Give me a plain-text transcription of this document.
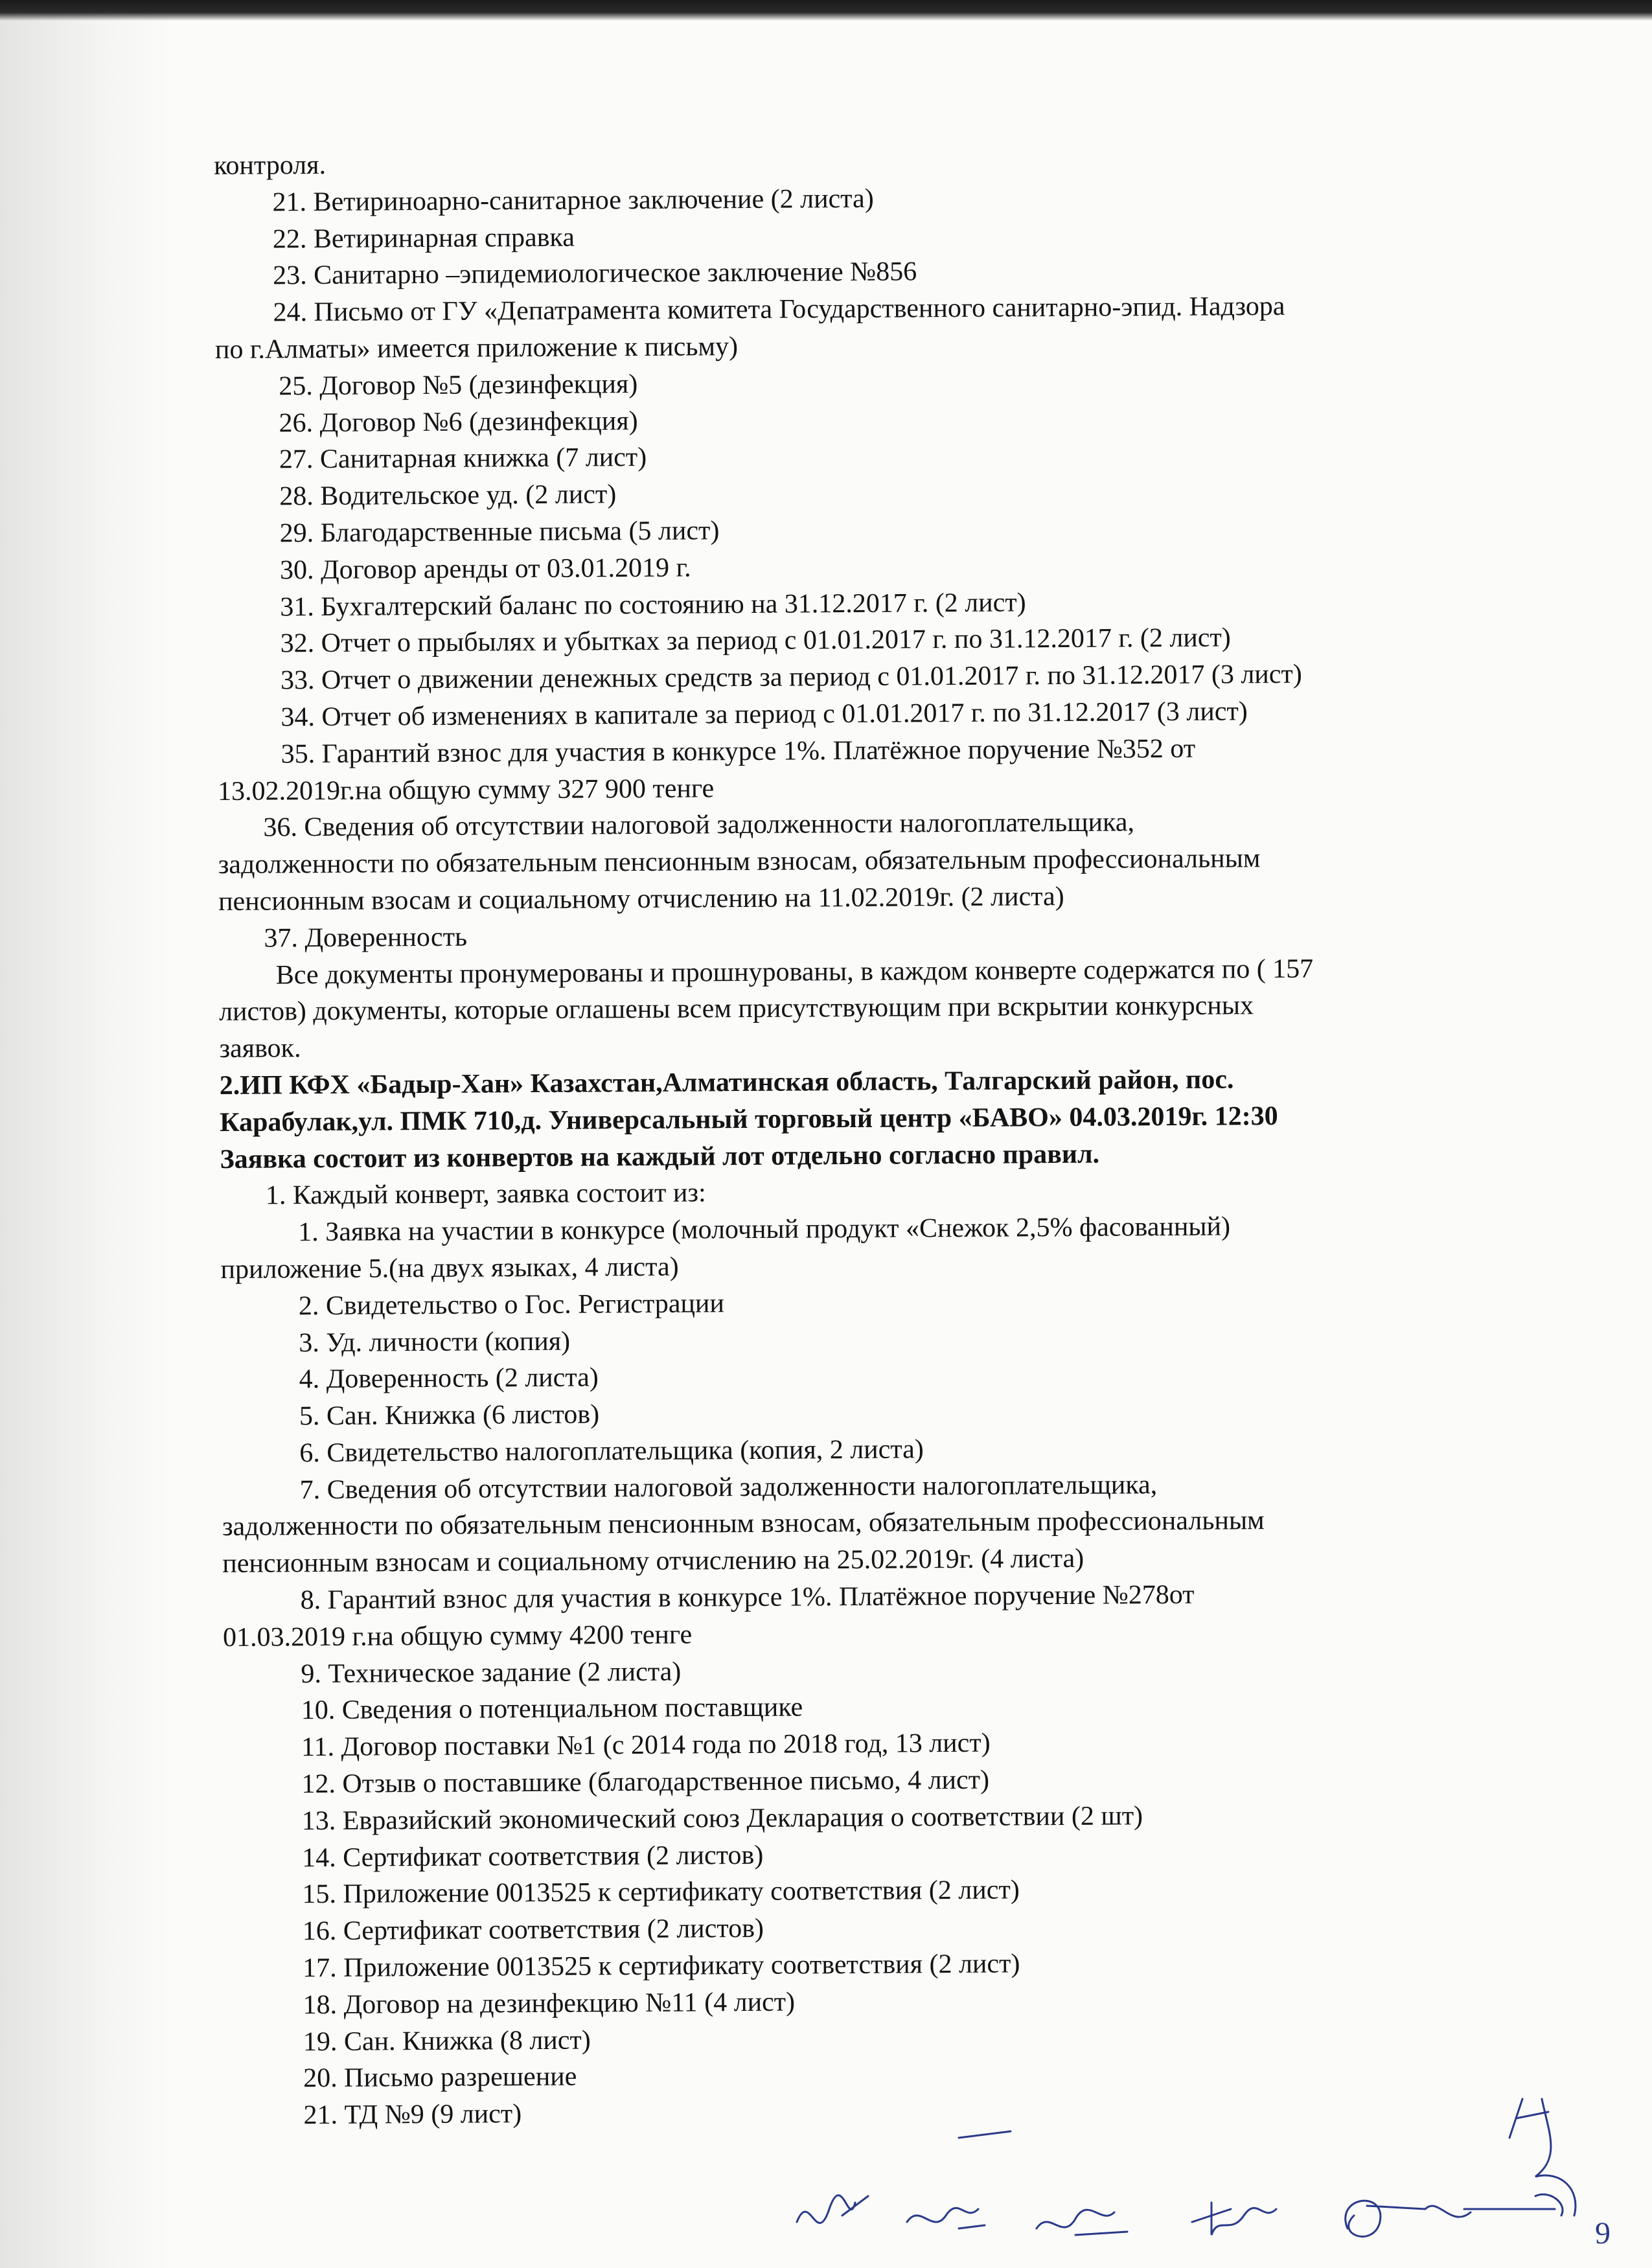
контроля.
21. Ветириноарно-санитарное заключение (2 листа)
22. Ветиринарная справка
23. Санитарно –эпидемиологическое заключение №856
24. Письмо от ГУ «Депатрамента комитета Государственного санитарно-эпид. Надзора
по г.Алматы» имеется приложение к письму)
25. Договор №5 (дезинфекция)
26. Договор №6 (дезинфекция)
27. Санитарная книжка (7 лист)
28. Водительское уд. (2 лист)
29. Благодарственные письма (5 лист)
30. Договор аренды от 03.01.2019 г.
31. Бухгалтерский баланс по состоянию на 31.12.2017 г. (2 лист)
32. Отчет о прыбылях и убытках за период с 01.01.2017 г. по 31.12.2017 г. (2 лист)
33. Отчет о движении денежных средств за период с 01.01.2017 г. по 31.12.2017 (3 лист)
34. Отчет об изменениях в капитале за период с 01.01.2017 г. по 31.12.2017 (3 лист)
35. Гарантий взнос для участия в конкурсе 1%. Платёжное поручение №352 от
13.02.2019г.на общую сумму 327 900 тенге
36. Сведения об отсутствии налоговой задолженности налогоплательщика,
задолженности по обязательным пенсионным взносам, обязательным профессиональным
пенсионным взосам и социальному отчислению на 11.02.2019г. (2 листа)
37. Доверенность
Все документы пронумерованы и прошнурованы, в каждом конверте содержатся по ( 157
листов) документы, которые оглашены всем присутствующим при вскрытии конкурсных
заявок.
2.ИП КФХ «Бадыр-Хан» Казахстан,Алматинская область, Талгарский район, пос.
Карабулак,ул. ПМК 710,д. Универсальный торговый центр «БАВО» 04.03.2019г. 12:30
Заявка состоит из конвертов на каждый лот отдельно согласно правил.
1. Каждый конверт, заявка состоит из:
1. Заявка на участии в конкурсе (молочный продукт «Снежок 2,5% фасованный)
приложение 5.(на двух языках, 4 листа)
2. Свидетельство о Гос. Регистрации
3. Уд. личности (копия)
4. Доверенность (2 листа)
5. Сан. Книжка (6 листов)
6. Свидетельство налогоплательщика (копия, 2 листа)
7. Сведения об отсутствии налоговой задолженности налогоплательщика,
задолженности по обязательным пенсионным взносам, обязательным профессиональным
пенсионным взносам и социальному отчислению на 25.02.2019г. (4 листа)
8. Гарантий взнос для участия в конкурсе 1%. Платёжное поручение №278от
01.03.2019 г.на общую сумму 4200 тенге
9. Техническое задание (2 листа)
10. Сведения о потенциальном поставщике
11. Договор поставки №1 (с 2014 года по 2018 год, 13 лист)
12. Отзыв о поставшике (благодарственное письмо, 4 лист)
13. Евразийский экономический союз Декларация о соответствии (2 шт)
14. Сертификат соответствия (2 листов)
15. Приложение 0013525 к сертификату соответствия (2 лист)
16. Сертификат соответствия (2 листов)
17. Приложение 0013525 к сертификату соответствия (2 лист)
18. Договор на дезинфекцию №11 (4 лист)
19. Сан. Книжка (8 лист)
20. Письмо разрешение
21. ТД №9 (9 лист)
9
